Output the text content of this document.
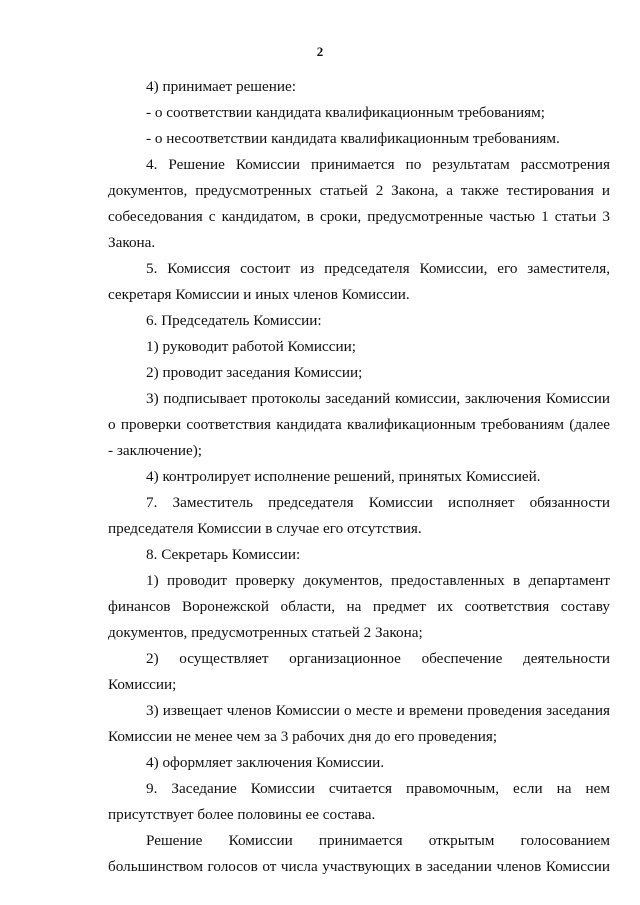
2

4) принимает решение:

- о соответствии кандидата квалификационным требованиям;

- о несоответствии кандидата квалификационным требованиям.

4. Решение Комиссии принимается по результатам рассмотрения документов, предусмотренных статьей 2 Закона, а также тестирования и собеседования с кандидатом, в сроки, предусмотренные частью 1 статьи 3 Закона.

5. Комиссия состоит из председателя Комиссии, его заместителя, секретаря Комиссии и иных членов Комиссии.

6. Председатель Комиссии:

1) руководит работой Комиссии;

2) проводит заседания Комиссии;

3) подписывает протоколы заседаний комиссии, заключения Комиссии о проверки соответствия кандидата квалификационным требованиям (далее - заключение);

4) контролирует исполнение решений, принятых Комиссией.

7. Заместитель председателя Комиссии исполняет обязанности председателя Комиссии в случае его отсутствия.

8. Секретарь Комиссии:

1) проводит проверку документов, предоставленных в департамент финансов Воронежской области, на предмет их соответствия составу документов, предусмотренных статьей 2 Закона;

2) осуществляет организационное обеспечение деятельности Комиссии;

3) извещает членов Комиссии о месте и времени проведения заседания Комиссии не менее чем за 3 рабочих дня до его проведения;

4) оформляет заключения Комиссии.

9. Заседание Комиссии считается правомочным, если на нем присутствует более половины ее состава.

Решение Комиссии принимается открытым голосованием большинством голосов от числа участвующих в заседании членов Комиссии
